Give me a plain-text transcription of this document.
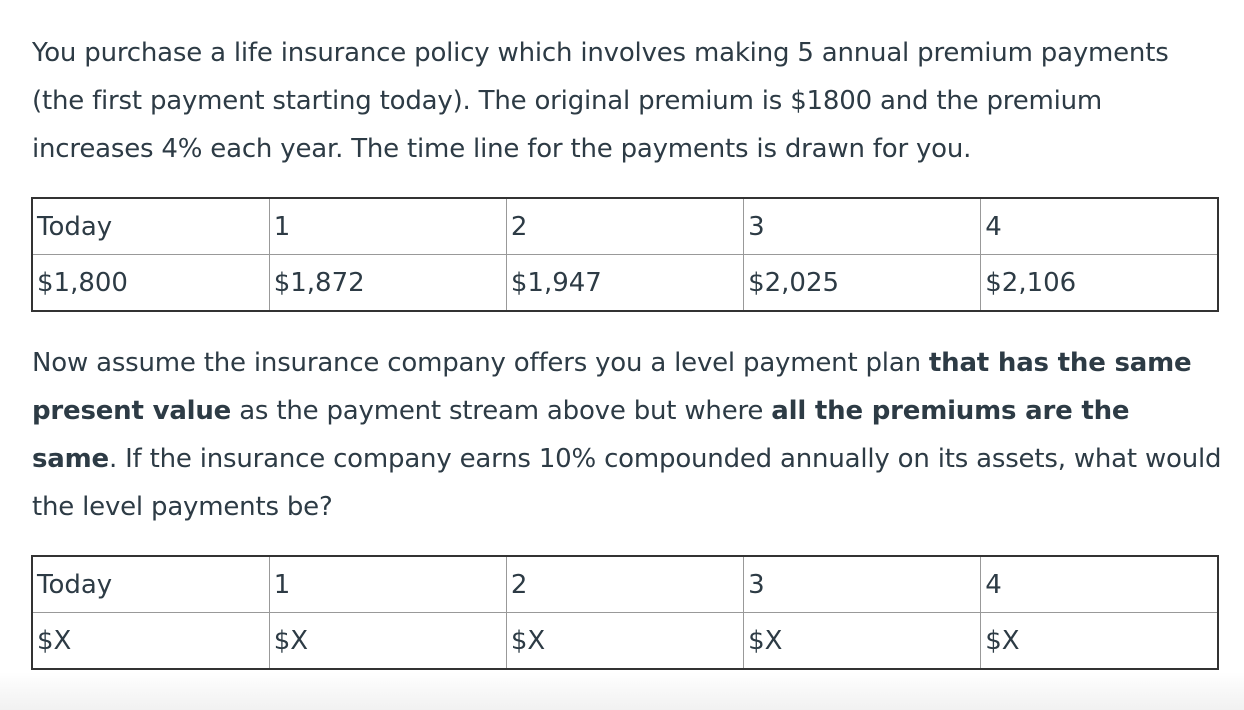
You purchase a life insurance policy which involves making 5 annual premium payments (the first payment starting today). The original premium is $1800 and the premium increases 4% each year. The time line for the payments is drawn for you.

Today	1	2	3	4
$1,800	$1,872	$1,947	$2,025	$2,106

Now assume the insurance company offers you a level payment plan that has the same present value as the payment stream above but where all the premiums are the same. If the insurance company earns 10% compounded annually on its assets, what would the level payments be?

Today	1	2	3	4
$X	$X	$X	$X	$X
